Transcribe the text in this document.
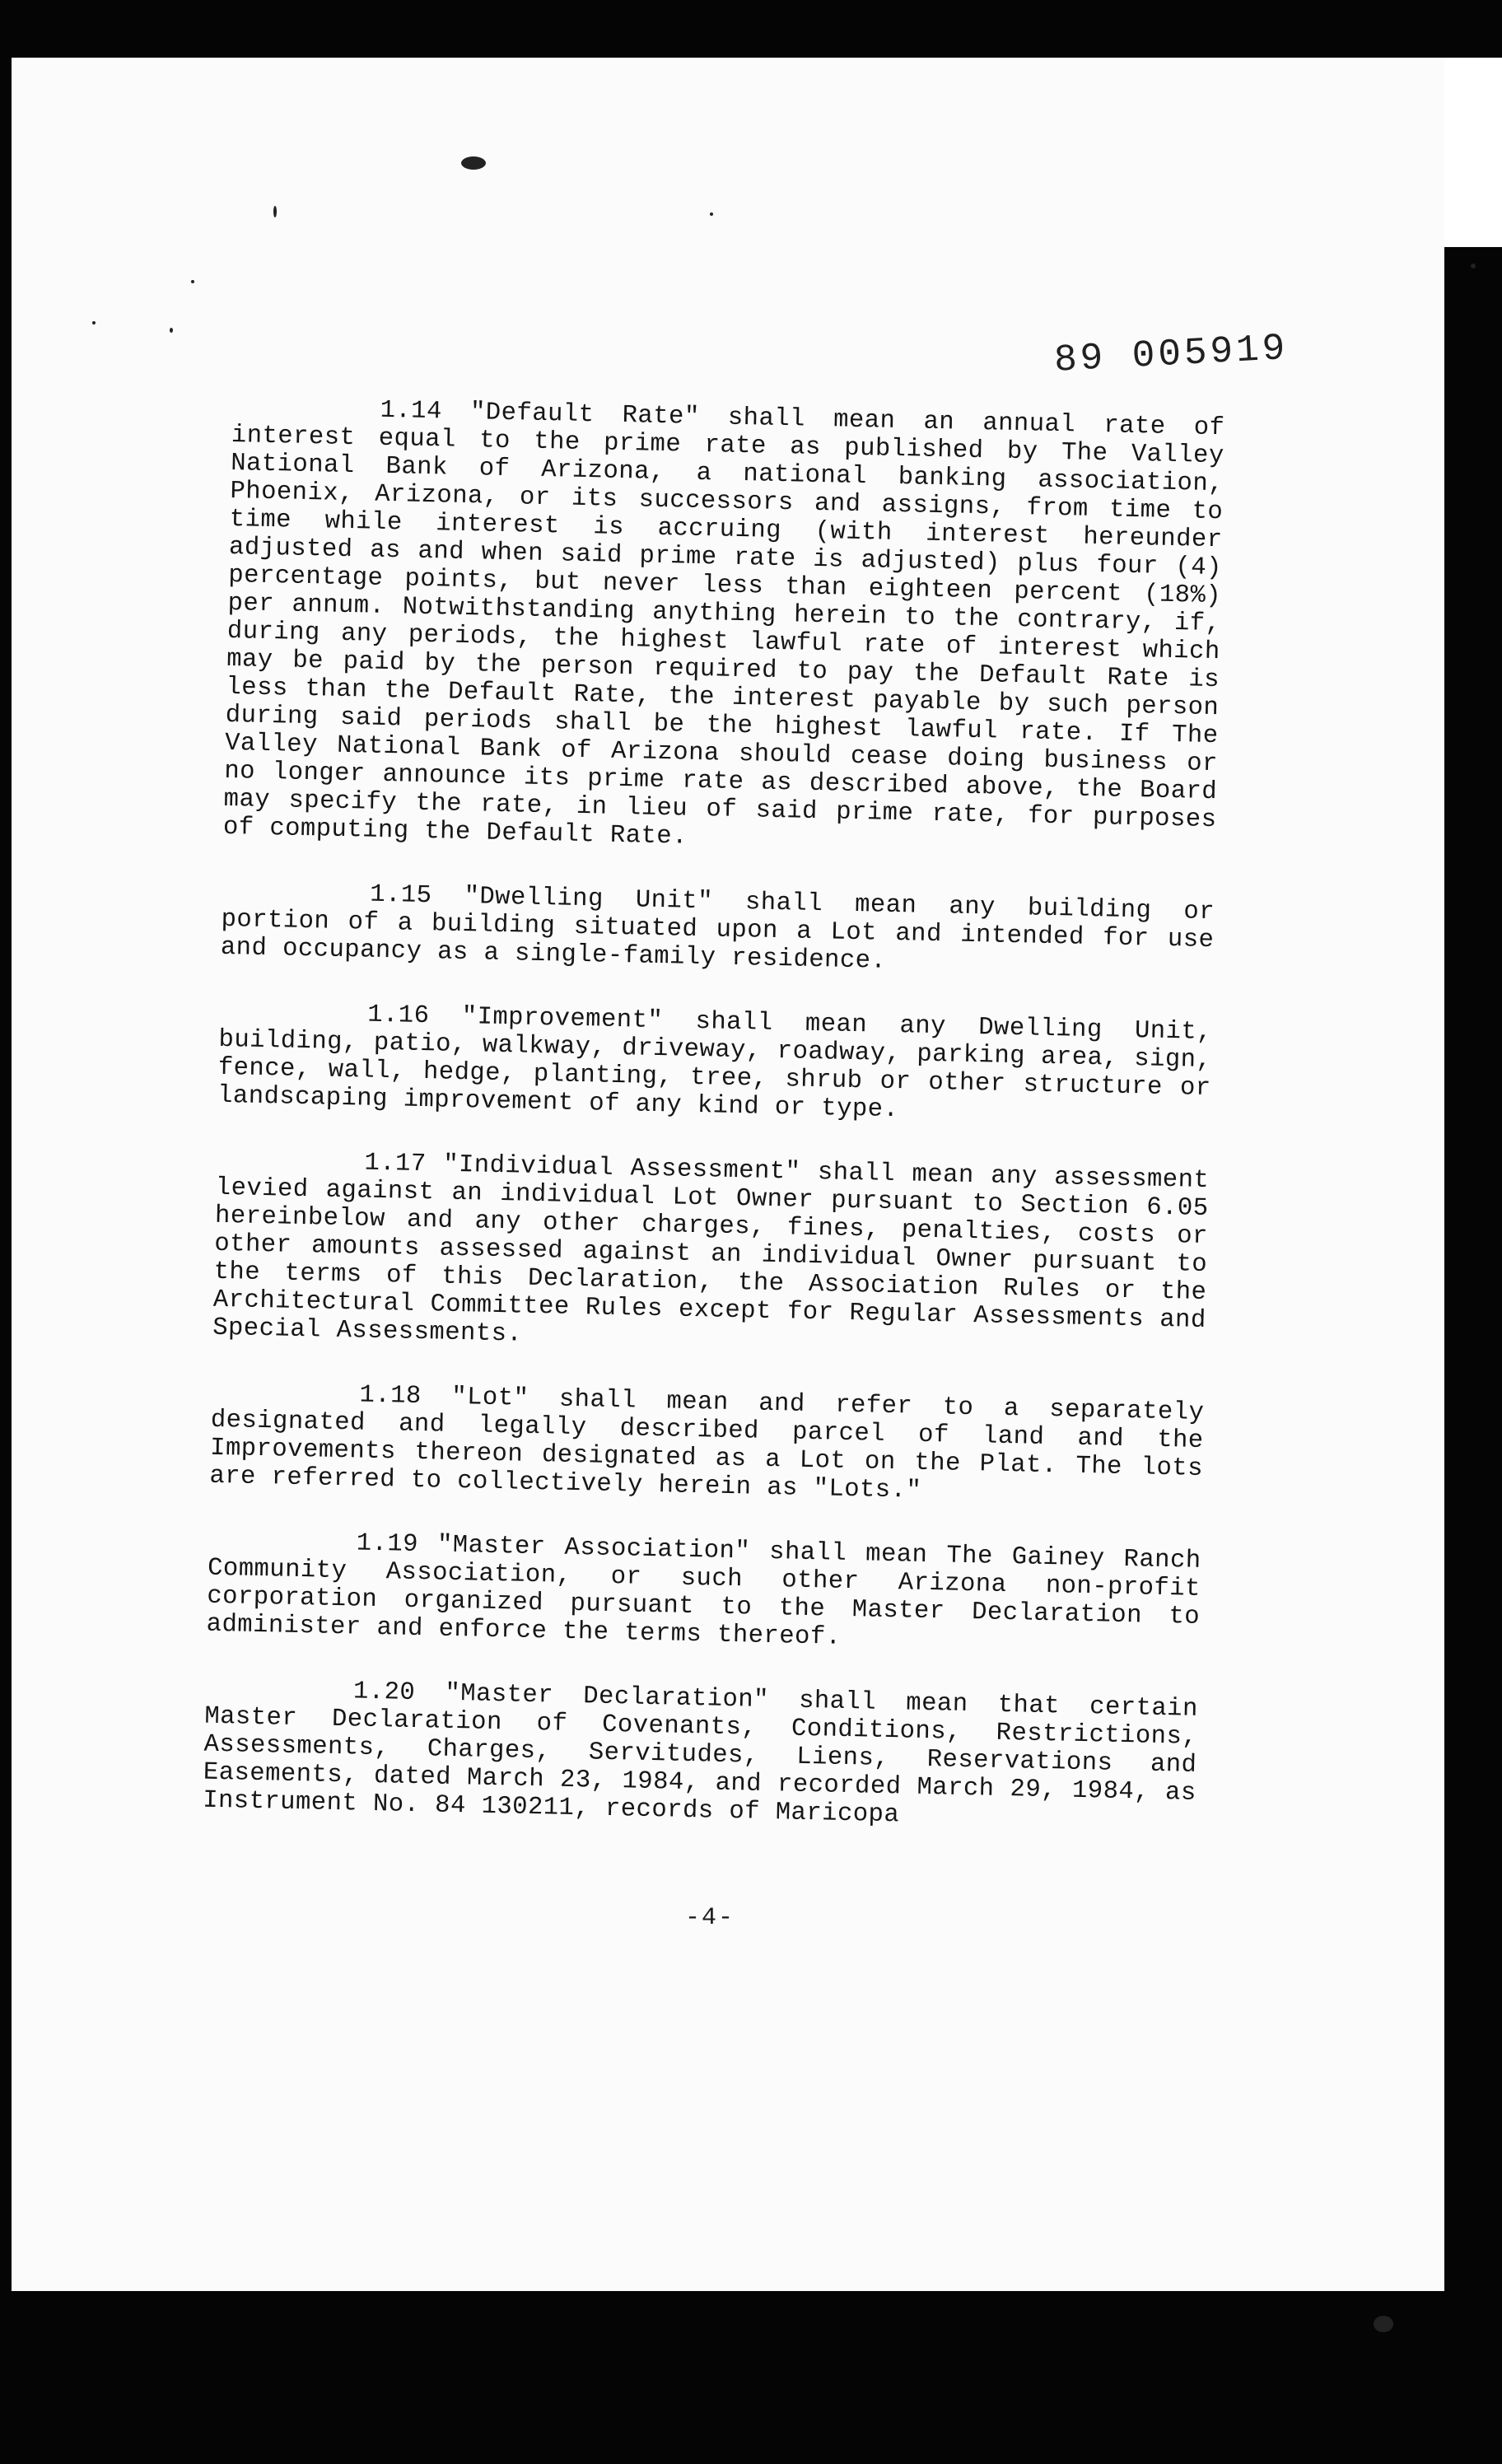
89 005919

1.14 "Default Rate" shall mean an annual rate of interest equal to the prime rate as published by The Valley National Bank of Arizona, a national banking association, Phoenix, Arizona, or its successors and assigns, from time to time while interest is accruing (with interest hereunder adjusted as and when said prime rate is adjusted) plus four (4) percentage points, but never less than eighteen percent (18%) per annum. Notwithstanding anything herein to the contrary, if, during any periods, the highest lawful rate of interest which may be paid by the person required to pay the Default Rate is less than the Default Rate, the interest payable by such person during said periods shall be the highest lawful rate. If The Valley National Bank of Arizona should cease doing business or no longer announce its prime rate as described above, the Board may specify the rate, in lieu of said prime rate, for purposes of computing the Default Rate.

1.15 "Dwelling Unit" shall mean any building or portion of a building situated upon a Lot and intended for use and occupancy as a single-family residence.

1.16 "Improvement" shall mean any Dwelling Unit, building, patio, walkway, driveway, roadway, parking area, sign, fence, wall, hedge, planting, tree, shrub or other structure or landscaping improvement of any kind or type.

1.17 "Individual Assessment" shall mean any assessment levied against an individual Lot Owner pursuant to Section 6.05 hereinbelow and any other charges, fines, penalties, costs or other amounts assessed against an individual Owner pursuant to the terms of this Declaration, the Association Rules or the Architectural Committee Rules except for Regular Assessments and Special Assessments.

1.18 "Lot" shall mean and refer to a separately designated and legally described parcel of land and the Improvements thereon designated as a Lot on the Plat. The lots are referred to collectively herein as "Lots."

1.19 "Master Association" shall mean The Gainey Ranch Community Association, or such other Arizona non-profit corporation organized pursuant to the Master Declaration to administer and enforce the terms thereof.

1.20 "Master Declaration" shall mean that certain Master Declaration of Covenants, Conditions, Restrictions, Assessments, Charges, Servitudes, Liens, Reservations and Easements, dated March 23, 1984, and recorded March 29, 1984, as Instrument No. 84 130211, records of Maricopa

-4-
